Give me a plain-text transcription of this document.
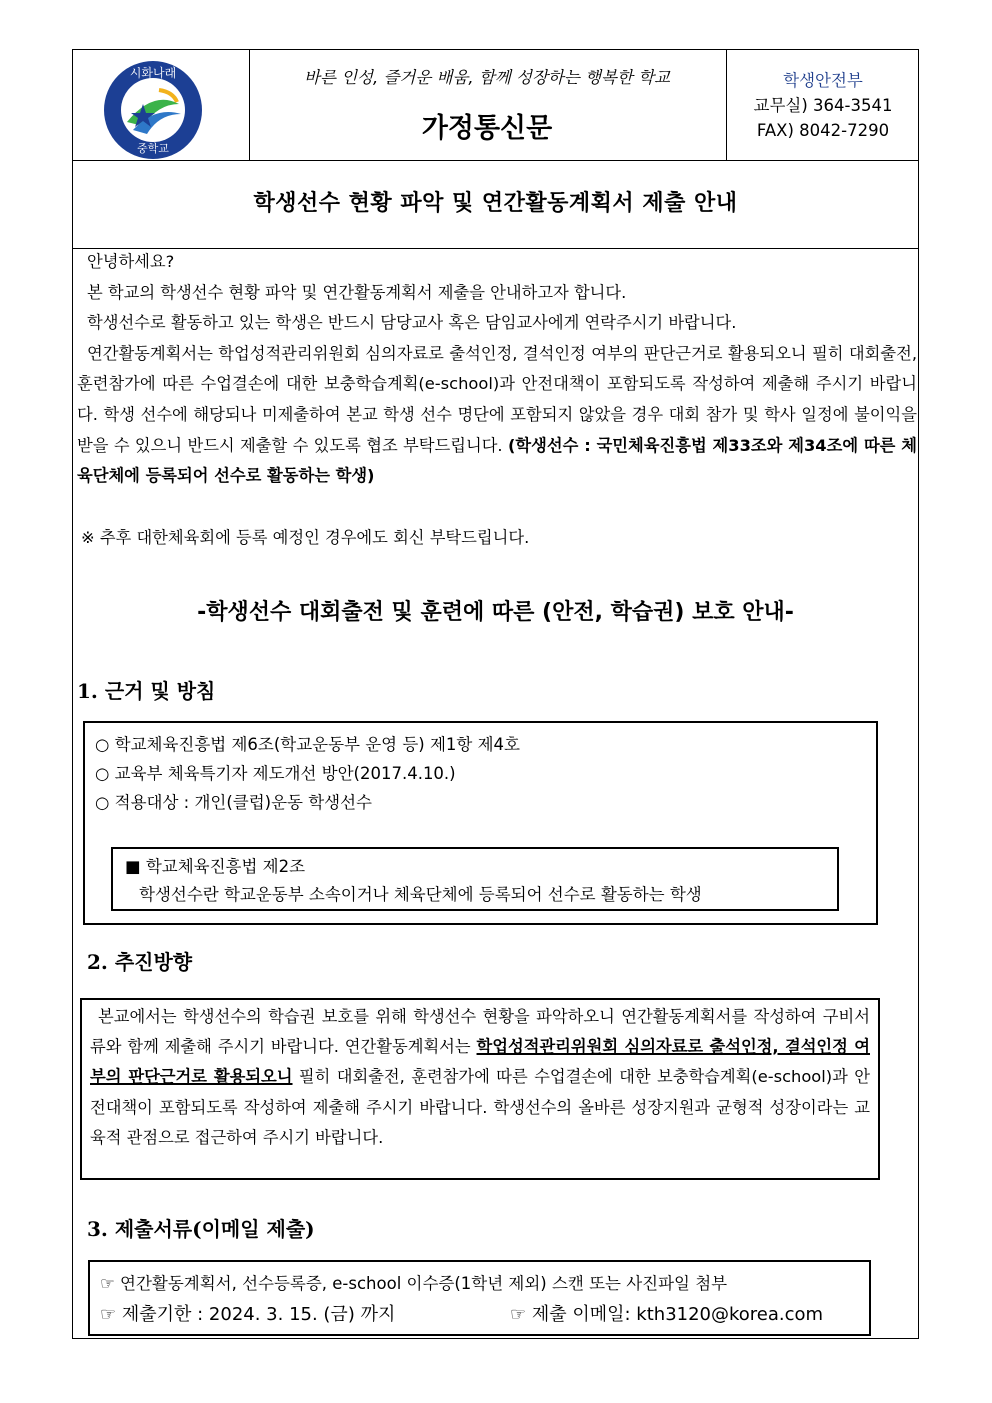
시화나래
중학교
바른 인성, 즐거운 배움, 함께 성장하는 행복한 학교
가정통신문
학생안전부
교무실) 364-3541
FAX) 8042-7290
학생선수 현황 파악 및 연간활동계획서 제출 안내

안녕하세요?

본 학교의 학생선수 현황 파악 및 연간활동계획서 제출을 안내하고자 합니다.

학생선수로 활동하고 있는 학생은 반드시 담당교사 혹은 담임교사에게 연락주시기 바랍니다.

연간활동계획서는 학업성적관리위원회 심의자료로 출석인정, 결석인정 여부의 판단근거로 활용되오니 필히 대회출전, 훈련참가에 따른 수업결손에 대한 보충학습계획(e-school)과 안전대책이 포함되도록 작성하여 제출해 주시기 바랍니다. 학생 선수에 해당되나 미제출하여 본교 학생 선수 명단에 포함되지 않았을 경우 대회 참가 및 학사 일정에 불이익을 받을 수 있으니 반드시 제출할 수 있도록 협조 부탁드립니다. (학생선수 : 국민체육진흥법 제33조와 제34조에 따른 체육단체에 등록되어 선수로 활동하는 학생)

※ 추후 대한체육회에 등록 예정인 경우에도 회신 부탁드립니다.
-학생선수 대회출전 및 훈련에 따른 (안전, 학습권) 보호 안내-
1. 근거 및 방침
○ 학교체육진흥법 제6조(학교운동부 운영 등) 제1항 제4호
○ 교육부 체육특기자 제도개선 방안(2017.4.10.)
○ 적용대상 : 개인(클럽)운동 학생선수
■ 학교체육진흥법 제2조
학생선수란 학교운동부 소속이거나 체육단체에 등록되어 선수로 활동하는 학생
2. 추진방향

본교에서는 학생선수의 학습권 보호를 위해 학생선수 현황을 파악하오니 연간활동계획서를 작성하여 구비서류와 함께 제출해 주시기 바랍니다. 연간활동계획서는 학업성적관리위원회 심의자료로 출석인정, 결석인정 여부의 판단근거로 활용되오니 필히 대회출전, 훈련참가에 따른 수업결손에 대한 보충학습계획(e-school)과 안전대책이 포함되도록 작성하여 제출해 주시기 바랍니다. 학생선수의 올바른 성장지원과 균형적 성장이라는 교육적 관점으로 접근하여 주시기 바랍니다.

3. 제출서류(이메일 제출)
☞ 연간활동계획서, 선수등록증, e-school 이수증(1학년 제외) 스캔 또는 사진파일 첨부
☞ 제출기한 : 2024. 3. 15. (금) 까지	☞ 제출 이메일: kth3120@korea.com
